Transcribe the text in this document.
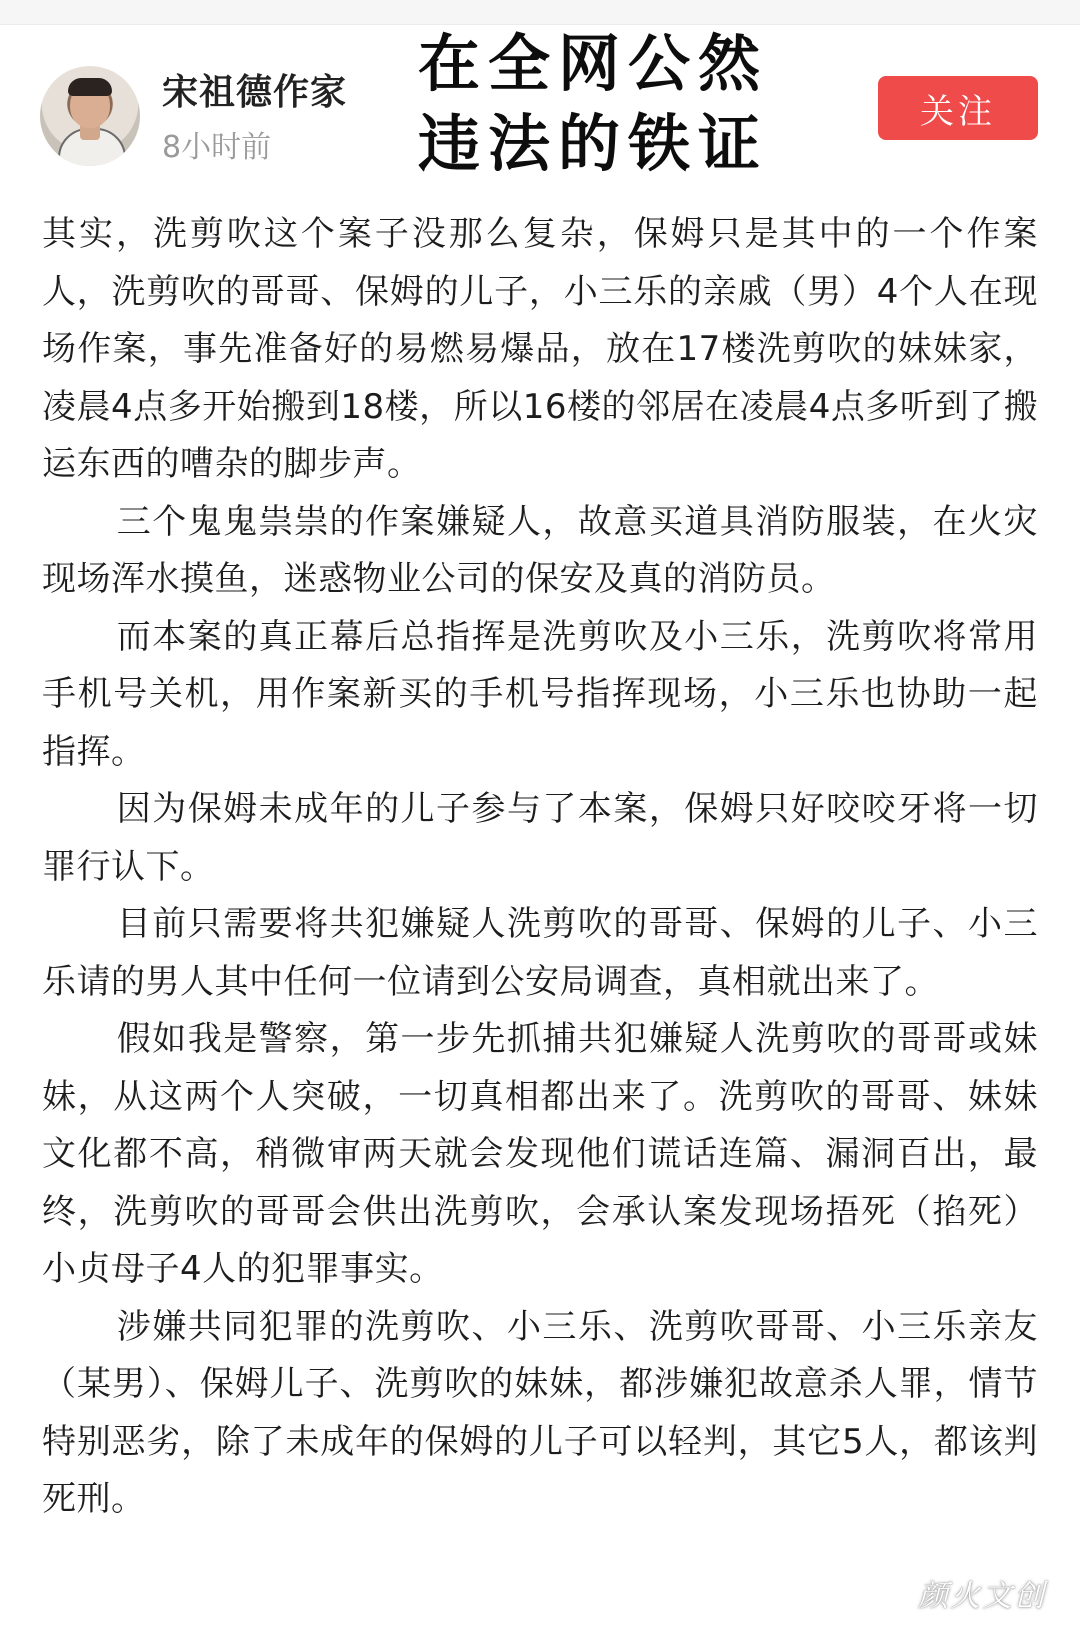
宋祖德作家
8小时前
在全网公然
违法的铁证	关注

其实，洗剪吹这个案子没那么复杂，保姆只是其中的一个作案人，洗剪吹的哥哥、保姆的儿子，小三乐的亲戚（男）4个人在现场作案，事先准备好的易燃易爆品，放在17楼洗剪吹的妹妹家，凌晨4点多开始搬到18楼，所以16楼的邻居在凌晨4点多听到了搬运东西的嘈杂的脚步声。

三个鬼鬼祟祟的作案嫌疑人，故意买道具消防服装，在火灾现场浑水摸鱼，迷惑物业公司的保安及真的消防员。

而本案的真正幕后总指挥是洗剪吹及小三乐，洗剪吹将常用手机号关机，用作案新买的手机号指挥现场，小三乐也协助一起指挥。

因为保姆未成年的儿子参与了本案，保姆只好咬咬牙将一切罪行认下。

目前只需要将共犯嫌疑人洗剪吹的哥哥、保姆的儿子、小三乐请的男人其中任何一位请到公安局调查，真相就出来了。

假如我是警察，第一步先抓捕共犯嫌疑人洗剪吹的哥哥或妹妹，从这两个人突破，一切真相都出来了。洗剪吹的哥哥、妹妹文化都不高，稍微审两天就会发现他们谎话连篇、漏洞百出，最终，洗剪吹的哥哥会供出洗剪吹，会承认案发现场捂死（掐死）小贞母子4人的犯罪事实。

涉嫌共同犯罪的洗剪吹、小三乐、洗剪吹哥哥、小三乐亲友（某男）、保姆儿子、洗剪吹的妹妹，都涉嫌犯故意杀人罪，情节特别恶劣，除了未成年的保姆的儿子可以轻判，其它5人，都该判死刑。

颜火文创
